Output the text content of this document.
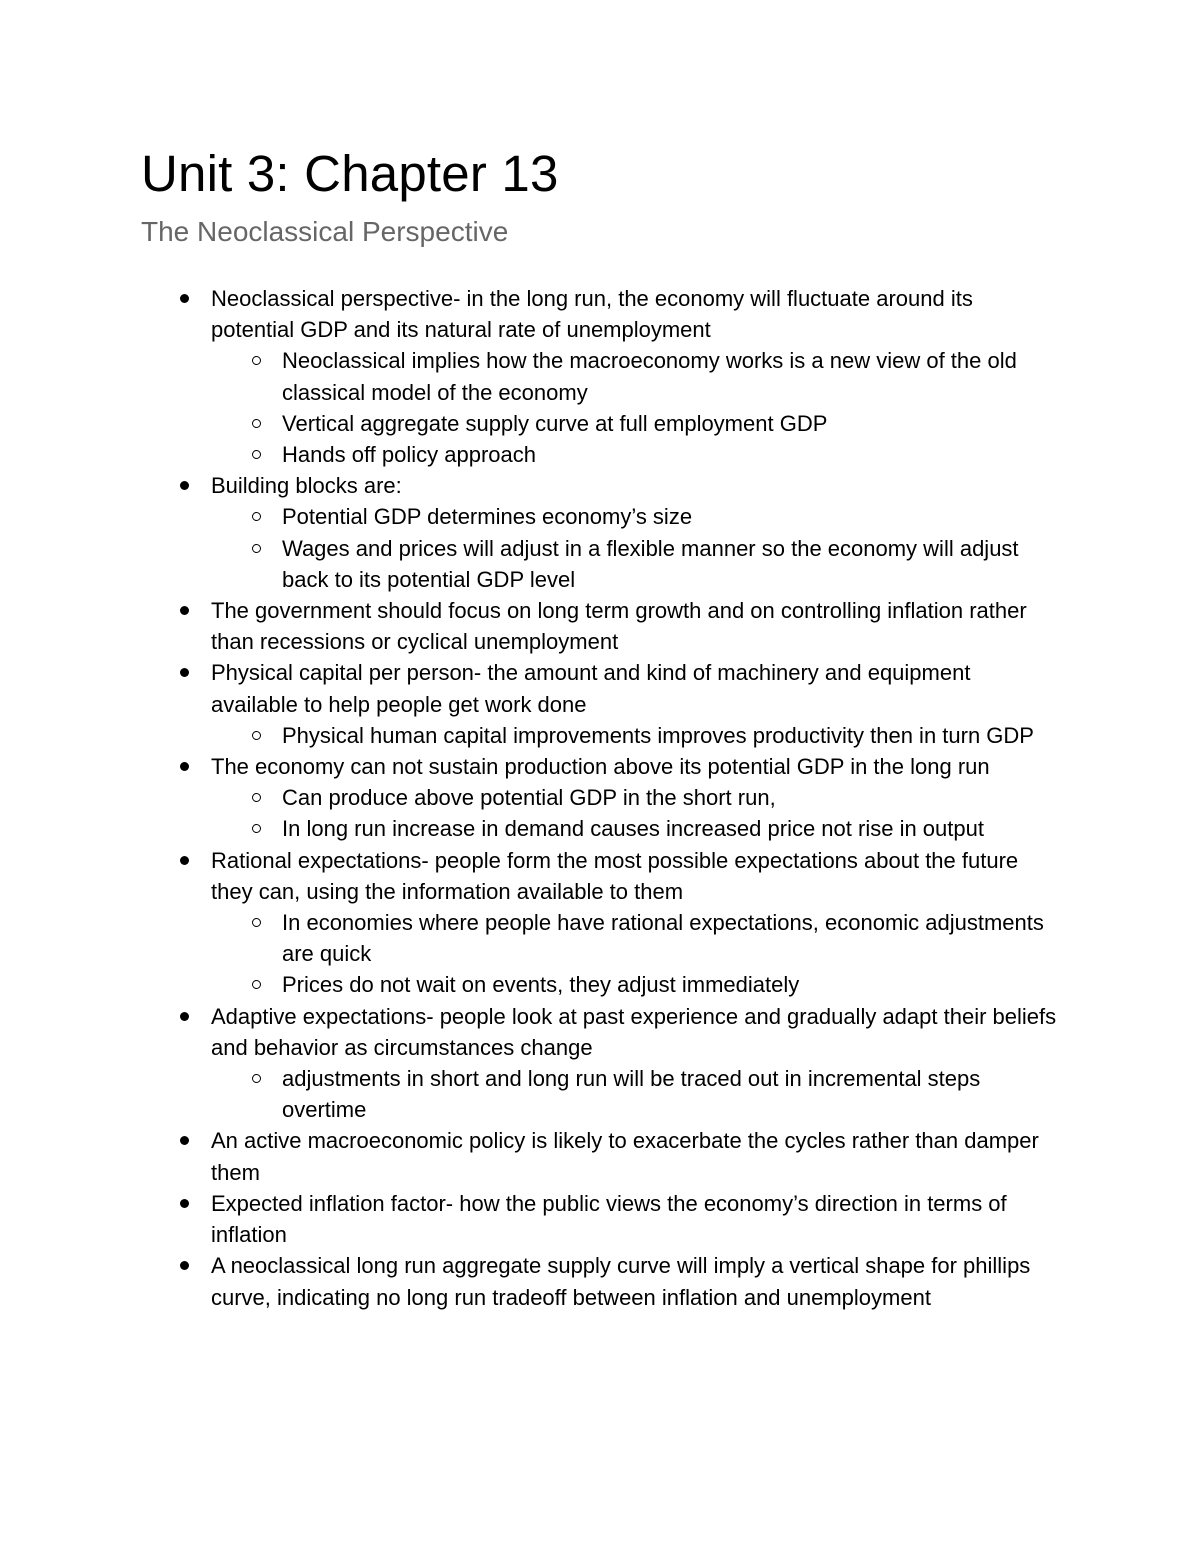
Unit 3: Chapter 13
The Neoclassical Perspective
Neoclassical perspective- in the long run, the economy will fluctuate around its potential GDP and its natural rate of unemployment
Neoclassical implies how the macroeconomy works is a new view of the old classical model of the economy
Vertical aggregate supply curve at full employment GDP
Hands off policy approach
Building blocks are:
Potential GDP determines economy’s size
Wages and prices will adjust in a flexible manner so the economy will adjust back to its potential GDP level
The government should focus on long term growth and on controlling inflation rather than recessions or cyclical unemployment
Physical capital per person- the amount and kind of machinery and equipment available to help people get work done
Physical human capital improvements improves productivity then in turn GDP
The economy can not sustain production above its potential GDP in the long run
Can produce above potential GDP in the short run,
In long run increase in demand causes increased price not rise in output
Rational expectations- people form the most possible expectations about the future they can, using the information available to them
In economies where people have rational expectations, economic adjustments are quick
Prices do not wait on events, they adjust immediately
Adaptive expectations- people look at past experience and gradually adapt their beliefs and behavior as circumstances change
adjustments in short and long run will be traced out in incremental steps overtime
An active macroeconomic policy is likely to exacerbate the cycles rather than damper them
Expected inflation factor- how the public views the economy’s direction in terms of inflation
A neoclassical long run aggregate supply curve will imply a vertical shape for phillips curve, indicating no long run tradeoff between inflation and unemployment
